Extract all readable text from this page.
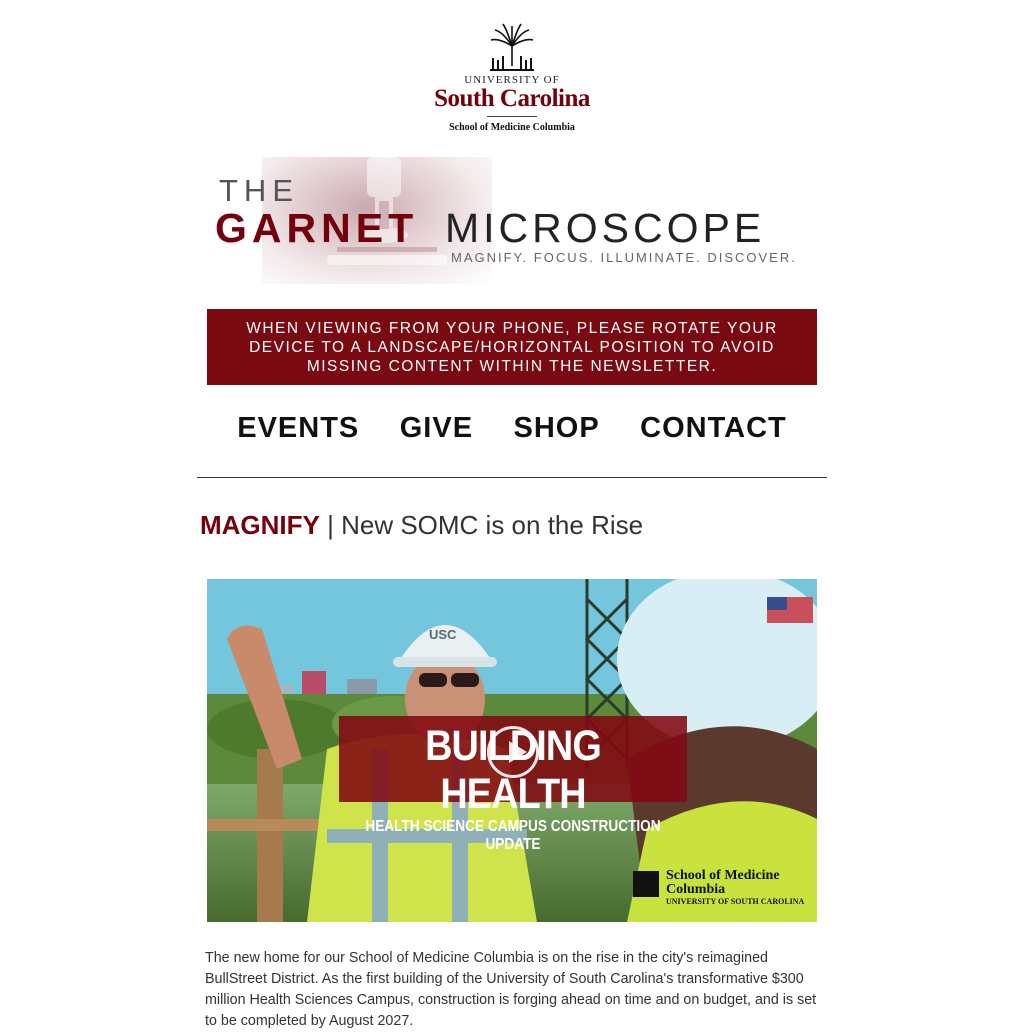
UNIVERSITY OF
South Carolina
School of Medicine Columbia
THE
GARNET MICROSCOPE
MAGNIFY. FOCUS. ILLUMINATE. DISCOVER.
WHEN VIEWING FROM YOUR PHONE, PLEASE ROTATE YOUR
DEVICE TO A LANDSCAPE/HORIZONTAL POSITION TO AVOID
MISSING CONTENT WITHIN THE NEWSLETTER.
EVENTS GIVE SHOP CONTACT
MAGNIFY | New SOMC is on the Rise
USC
BUILDING HEALTH
HEALTH SCIENCE CAMPUS CONSTRUCTION UPDATE
School of Medicine
Columbia
UNIVERSITY OF SOUTH CAROLINA
The new home for our School of Medicine Columbia is on the rise in the city's reimagined BullStreet District. As the first building of the University of South Carolina's transformative $300 million Health Sciences Campus, construction is forging ahead on time and on budget, and is set to be completed by August 2027.
